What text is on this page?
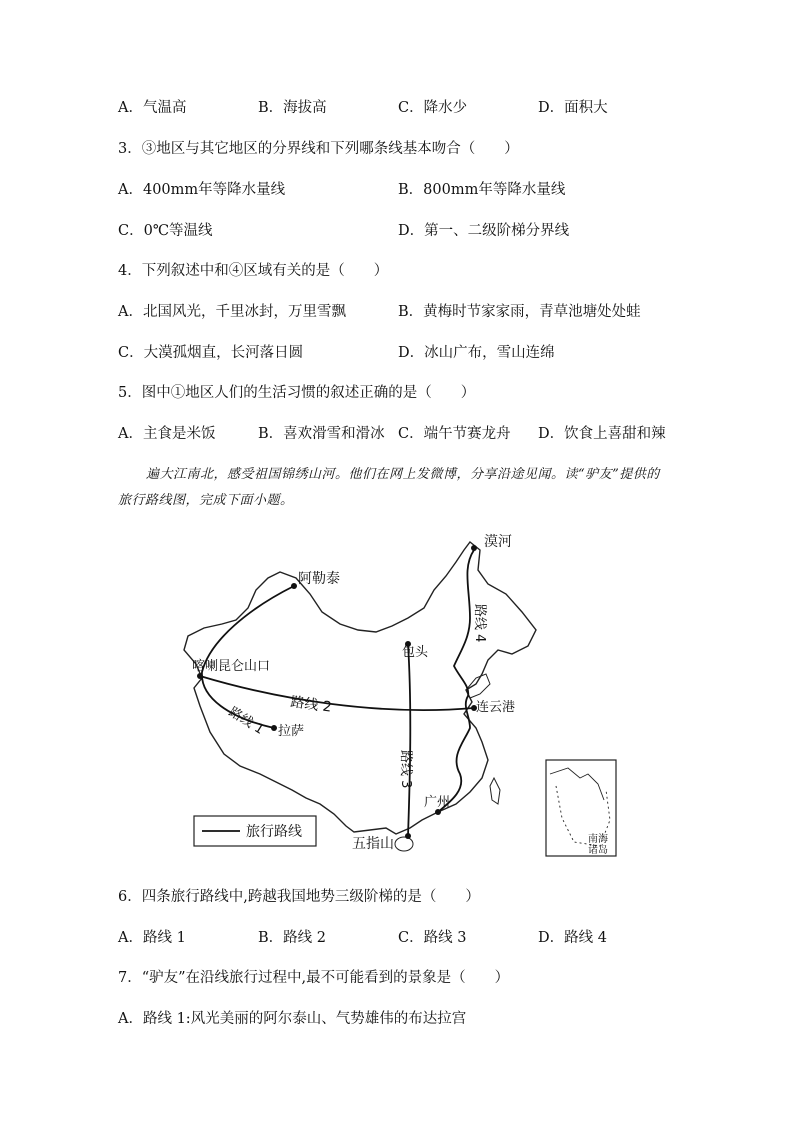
A．气温高	B．海拔高	C．降水少	D．面积大
3．③地区与其它地区的分界线和下列哪条线基本吻合（　　）
A．400mm年等降水量线	B．800mm年等降水量线
C．0℃等温线	D．第一、二级阶梯分界线
4．下列叙述中和④区域有关的是（　　）
A．北国风光，千里冰封，万里雪飘	B．黄梅时节家家雨，青草池塘处处蛙
C．大漠孤烟直，长河落日圆	D．冰山广布，雪山连绵
5．图中①地区人们的生活习惯的叙述正确的是（　　）
A．主食是米饭	B．喜欢滑雪和滑冰 C．端午节赛龙舟 D．饮食上喜甜和辣
遍大江南北，感受祖国锦绣山河。他们在网上发微博，分享沿途见闻。读“驴友”提供的
旅行路线图，完成下面小题。
漠河
阿勒泰
包头
喀喇昆仑山口
拉萨
连云港
广州
五指山
路线 1 路线 2
路线 3
路线 4
旅行路线	南海
诸岛
6．四条旅行路线中,跨越我国地势三级阶梯的是（　　）
A．路线 1	B．路线 2	C．路线 3	D．路线 4
7．“驴友”在沿线旅行过程中,最不可能看到的景象是（　　）
A．路线 1:风光美丽的阿尔泰山、气势雄伟的布达拉宫
